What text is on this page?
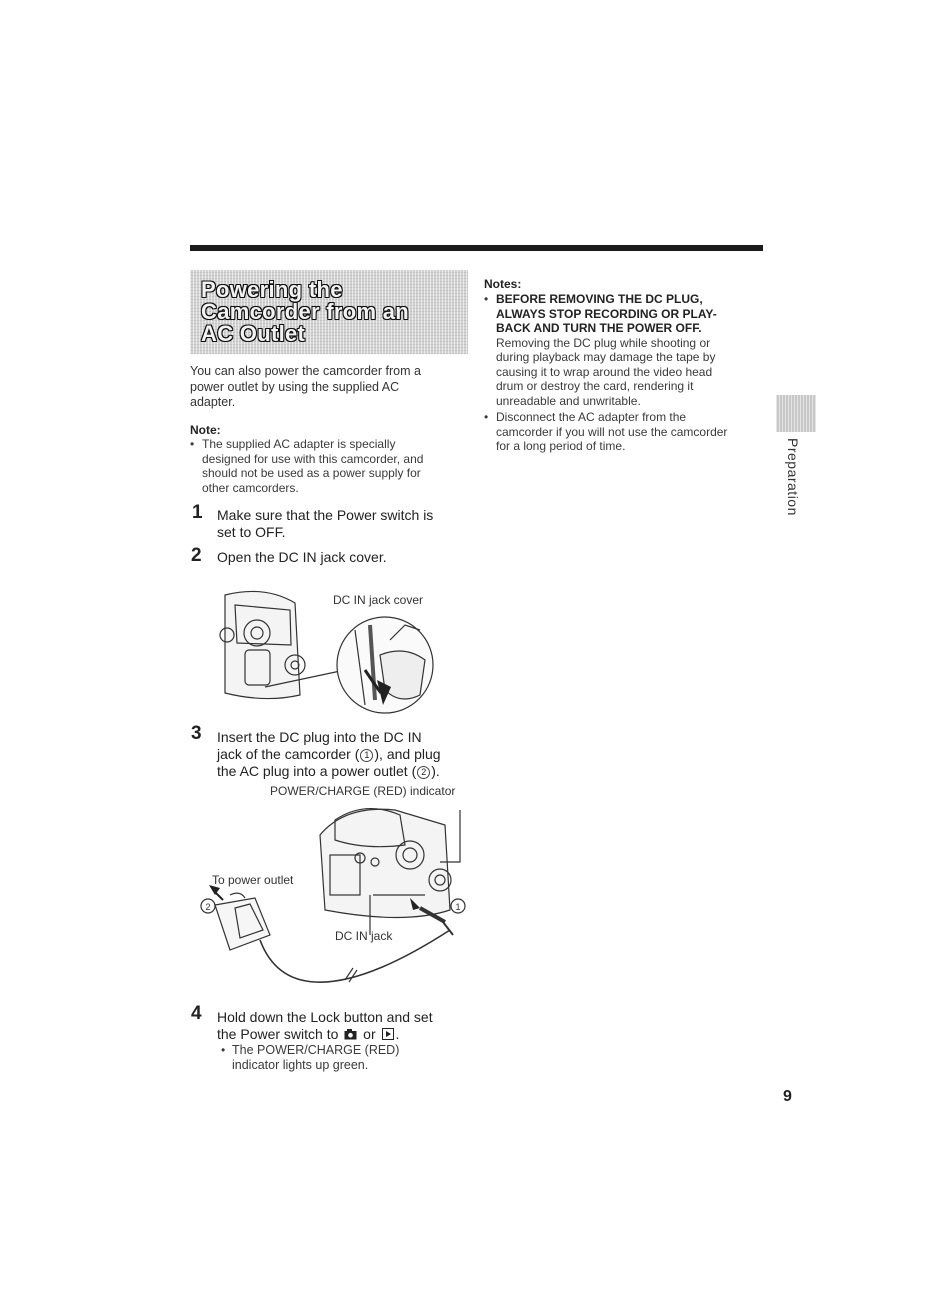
Powering the
Camcorder from an
AC Outlet
You can also power the camcorder from a
power outlet by using the supplied AC
adapter.
Note:
• The supplied AC adapter is specially
designed for use with this camcorder, and
should not be used as a power supply for
other camcorders.
1 Make sure that the Power switch is
set to OFF.
2 Open the DC IN jack cover.
DC IN jack cover
3 Insert the DC plug into the DC IN
jack of the camcorder ( 1 ), and plug
the AC plug into a power outlet ( 2 ).
POWER/CHARGE (RED) indicator
2	1
To power outlet
DC IN jack
4 Hold down the Lock button and set
the Power switch to or .
• The POWER/CHARGE (RED)
indicator lights up green.
Notes:
• BEFORE REMOVING THE DC PLUG,
ALWAYS STOP RECORDING OR PLAY-
BACK AND TURN THE POWER OFF.
Removing the DC plug while shooting or
during playback may damage the tape by
causing it to wrap around the video head
drum or destroy the card, rendering it
unreadable and unwritable.
• Disconnect the AC adapter from the
camcorder if you will not use the camcorder
for a long period of time.	Preparation
9
